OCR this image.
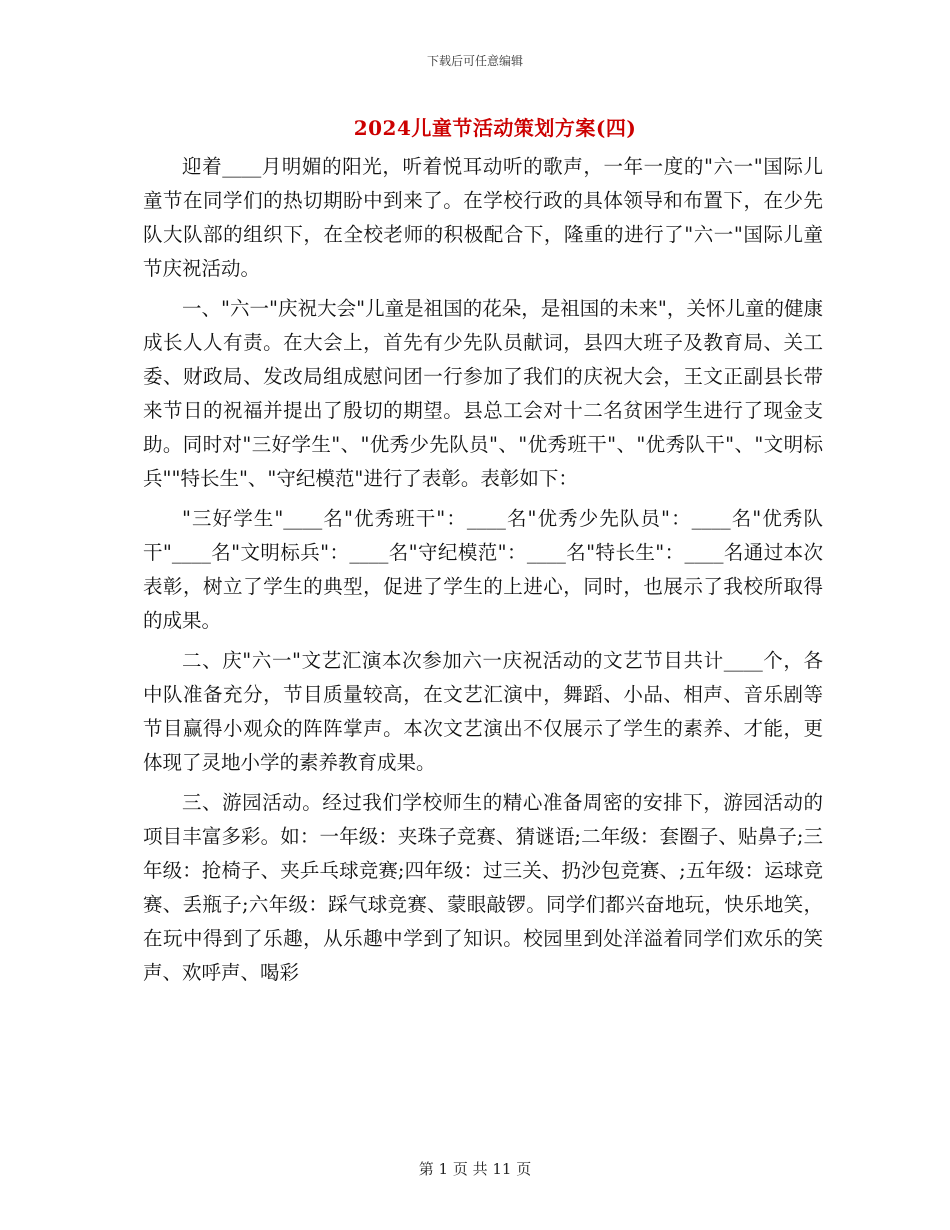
下载后可任意编辑
2024儿童节活动策划方案(四)

迎着____月明媚的阳光，听着悦耳动听的歌声，一年一度的"六一"国际儿童节在同学们的热切期盼中到来了。在学校行政的具体领导和布置下，在少先队大队部的组织下，在全校老师的积极配合下，隆重的进行了"六一"国际儿童节庆祝活动。

一、"六一"庆祝大会"儿童是祖国的花朵，是祖国的未来"，关怀儿童的健康成长人人有责。在大会上，首先有少先队员献词，县四大班子及教育局、关工委、财政局、发改局组成慰问团一行参加了我们的庆祝大会，王文正副县长带来节日的祝福并提出了殷切的期望。县总工会对十二名贫困学生进行了现金支助。同时对"三好学生"、"优秀少先队员"、"优秀班干"、"优秀队干"、"文明标兵""特长生"、"守纪模范"进行了表彰。表彰如下：

"三好学生"____名"优秀班干"：____名"优秀少先队员"：____名"优秀队干"____名"文明标兵"：____名"守纪模范"：____名"特长生"：____名通过本次表彰，树立了学生的典型，促进了学生的上进心，同时，也展示了我校所取得的成果。

二、庆"六一"文艺汇演本次参加六一庆祝活动的文艺节目共计____个，各中队准备充分，节目质量较高，在文艺汇演中，舞蹈、小品、相声、音乐剧等节目赢得小观众的阵阵掌声。本次文艺演出不仅展示了学生的素养、才能，更体现了灵地小学的素养教育成果。

三、游园活动。经过我们学校师生的精心准备周密的安排下，游园活动的项目丰富多彩。如：一年级：夹珠子竞赛、猜谜语;二年级：套圈子、贴鼻子;三年级：抢椅子、夹乒乓球竞赛;四年级：过三关、扔沙包竞赛、;五年级：运球竞赛、丢瓶子;六年级：踩气球竞赛、蒙眼敲锣。同学们都兴奋地玩，快乐地笑，在玩中得到了乐趣，从乐趣中学到了知识。校园里到处洋溢着同学们欢乐的笑声、欢呼声、喝彩

第 1 页 共 11 页
